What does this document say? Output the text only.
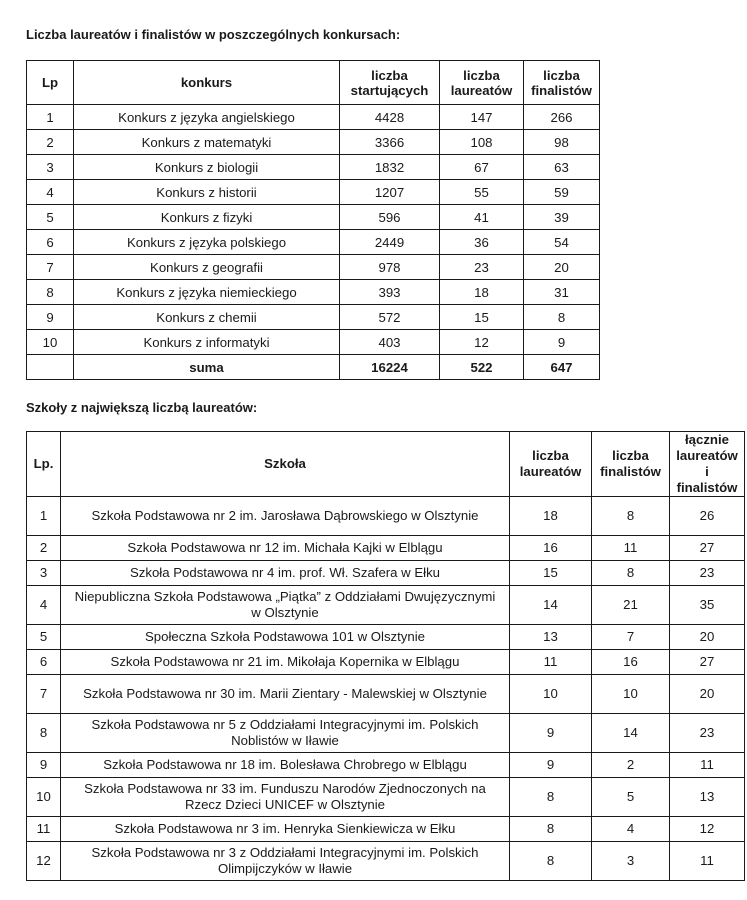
Liczba laureatów i finalistów w poszczególnych konkursach:
Lp	konkurs	liczba startujących	liczba laureatów	liczba finalistów
1	Konkurs z języka angielskiego	4428	147	266
2	Konkurs z matematyki	3366	108	98
3	Konkurs z biologii	1832	67	63
4	Konkurs z historii	1207	55	59
5	Konkurs z fizyki	596	41	39
6	Konkurs z języka polskiego	2449	36	54
7	Konkurs z geografii	978	23	20
8	Konkurs z języka niemieckiego	393	18	31
9	Konkurs z chemii	572	15	8
10	Konkurs z informatyki	403	12	9
	suma	16224	522	647
Szkoły z największą liczbą laureatów:
Lp.	Szkoła	liczba laureatów	liczba finalistów	łącznie laureatów i finalistów
1	Szkoła Podstawowa nr 2 im. Jarosława Dąbrowskiego w Olsztynie	18	8	26
2	Szkoła Podstawowa nr 12 im. Michała Kajki w Elblągu	16	11	27
3	Szkoła Podstawowa nr 4 im. prof. Wł. Szafera w Ełku	15	8	23
4	Niepubliczna Szkoła Podstawowa „Piątka” z Oddziałami Dwujęzycznymi w Olsztynie	14	21	35
5	Społeczna Szkoła Podstawowa 101 w Olsztynie	13	7	20
6	Szkoła Podstawowa nr 21 im. Mikołaja Kopernika w Elblągu	11	16	27
7	Szkoła Podstawowa nr 30 im. Marii Zientary - Malewskiej w Olsztynie	10	10	20
8	Szkoła Podstawowa nr 5 z Oddziałami Integracyjnymi im. Polskich Noblistów w Iławie	9	14	23
9	Szkoła Podstawowa nr 18 im. Bolesława Chrobrego w Elblągu	9	2	11
10	Szkoła Podstawowa nr 33 im. Funduszu Narodów Zjednoczonych na Rzecz Dzieci UNICEF w Olsztynie	8	5	13
11	Szkoła Podstawowa nr 3 im. Henryka Sienkiewicza w Ełku	8	4	12
12	Szkoła Podstawowa nr 3 z Oddziałami Integracyjnymi im. Polskich Olimpijczyków w Iławie	8	3	11
